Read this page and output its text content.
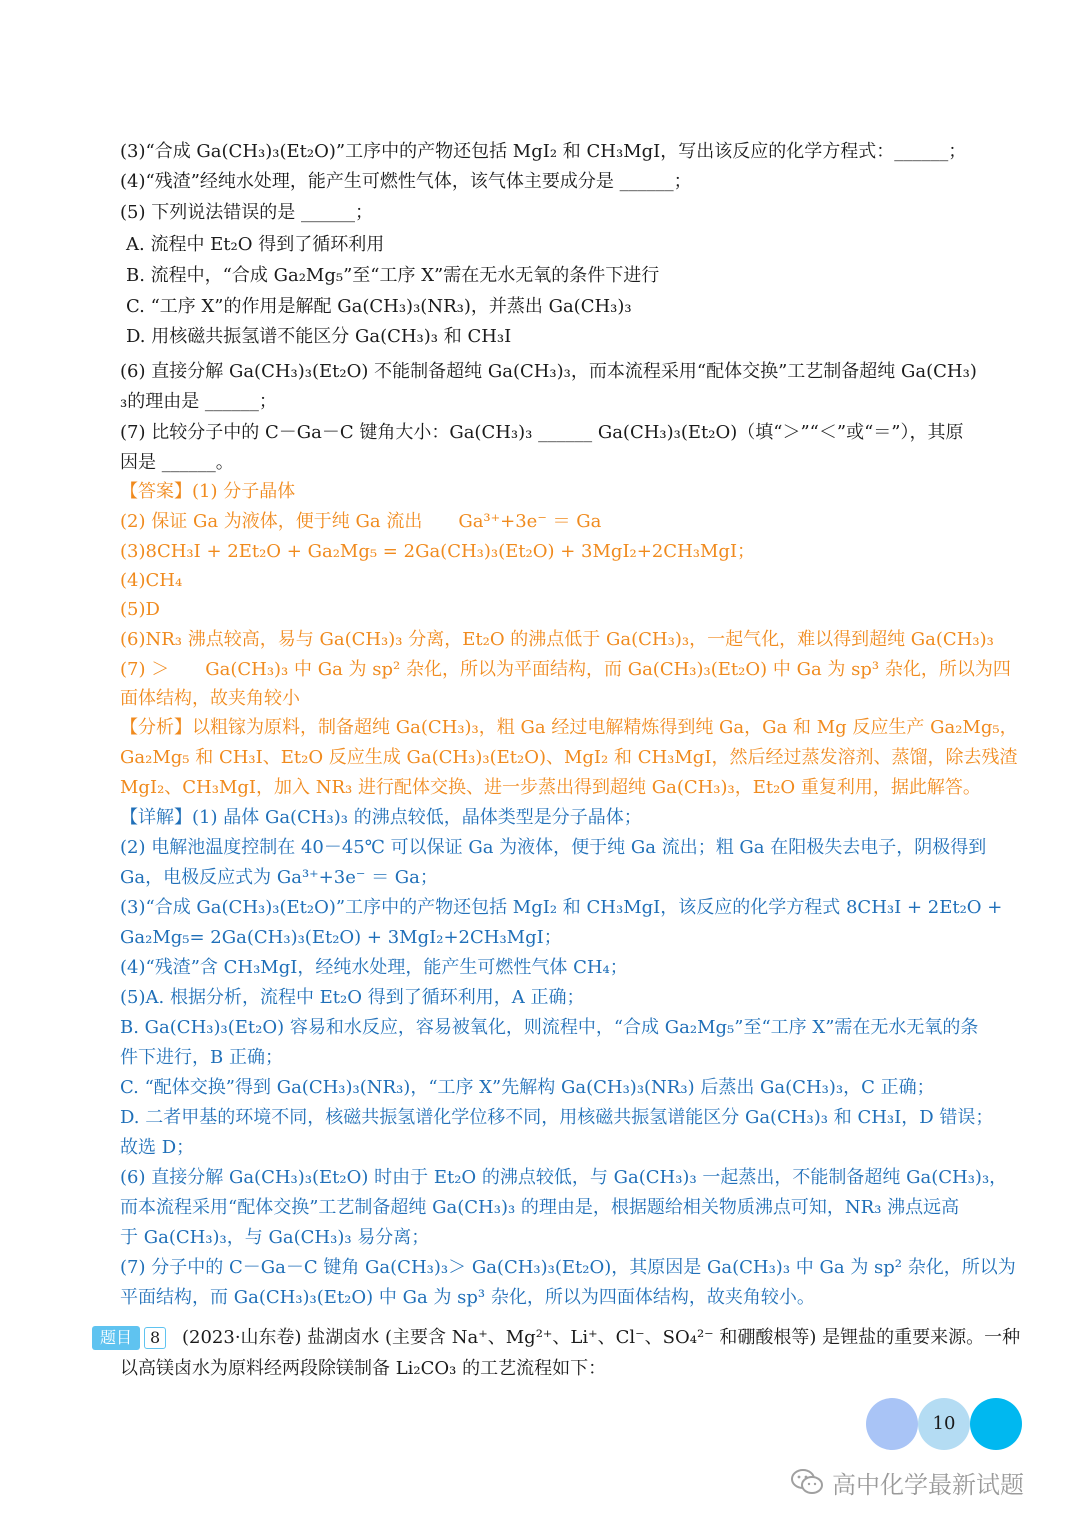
(3)“合成 Ga(CH₃)₃(Et₂O)”工序中的产物还包括 MgI₂ 和 CH₃MgI，写出该反应的化学方程式：______；
(4)“残渣”经纯水处理，能产生可燃性气体，该气体主要成分是 ______；
(5) 下列说法错误的是 ______；
A. 流程中 Et₂O 得到了循环利用
B. 流程中，“合成 Ga₂Mg₅”至“工序 X”需在无水无氧的条件下进行
C. “工序 X”的作用是解配 Ga(CH₃)₃(NR₃)，并蒸出 Ga(CH₃)₃
D. 用核磁共振氢谱不能区分 Ga(CH₃)₃ 和 CH₃I
(6) 直接分解 Ga(CH₃)₃(Et₂O) 不能制备超纯 Ga(CH₃)₃，而本流程采用“配体交换”工艺制备超纯 Ga(CH₃)
₃的理由是 ______；
(7) 比较分子中的 C－Ga－C 键角大小：Ga(CH₃)₃ ______ Ga(CH₃)₃(Et₂O)（填“＞”“＜”或“＝”），其原
因是 ______。
【答案】(1) 分子晶体
(2) 保证 Ga 为液体，便于纯 Ga 流出　　Ga³⁺+3e⁻ ＝ Ga
(3)8CH₃I + 2Et₂O + Ga₂Mg₅ = 2Ga(CH₃)₃(Et₂O) + 3MgI₂+2CH₃MgI；
(4)CH₄
(5)D
(6)NR₃ 沸点较高，易与 Ga(CH₃)₃ 分离，Et₂O 的沸点低于 Ga(CH₃)₃，一起气化，难以得到超纯 Ga(CH₃)₃
(7) ＞　　Ga(CH₃)₃ 中 Ga 为 sp² 杂化，所以为平面结构，而 Ga(CH₃)₃(Et₂O) 中 Ga 为 sp³ 杂化，所以为四
面体结构，故夹角较小
【分析】以粗镓为原料，制备超纯 Ga(CH₃)₃，粗 Ga 经过电解精炼得到纯 Ga，Ga 和 Mg 反应生产 Ga₂Mg₅，
Ga₂Mg₅ 和 CH₃I、Et₂O 反应生成 Ga(CH₃)₃(Et₂O)、MgI₂ 和 CH₃MgI，然后经过蒸发溶剂、蒸馏，除去残渣
MgI₂、CH₃MgI，加入 NR₃ 进行配体交换、进一步蒸出得到超纯 Ga(CH₃)₃，Et₂O 重复利用，据此解答。
【详解】(1) 晶体 Ga(CH₃)₃ 的沸点较低，晶体类型是分子晶体；
(2) 电解池温度控制在 40－45℃ 可以保证 Ga 为液体，便于纯 Ga 流出；粗 Ga 在阳极失去电子，阴极得到
Ga，电极反应式为 Ga³⁺+3e⁻ ＝ Ga；
(3)“合成 Ga(CH₃)₃(Et₂O)”工序中的产物还包括 MgI₂ 和 CH₃MgI，该反应的化学方程式 8CH₃I + 2Et₂O +
Ga₂Mg₅= 2Ga(CH₃)₃(Et₂O) + 3MgI₂+2CH₃MgI；
(4)“残渣”含 CH₃MgI，经纯水处理，能产生可燃性气体 CH₄；
(5)A. 根据分析，流程中 Et₂O 得到了循环利用，A 正确；
B. Ga(CH₃)₃(Et₂O) 容易和水反应，容易被氧化，则流程中，“合成 Ga₂Mg₅”至“工序 X”需在无水无氧的条
件下进行，B 正确；
C. “配体交换”得到 Ga(CH₃)₃(NR₃)，“工序 X”先解构 Ga(CH₃)₃(NR₃) 后蒸出 Ga(CH₃)₃，C 正确；
D. 二者甲基的环境不同，核磁共振氢谱化学位移不同，用核磁共振氢谱能区分 Ga(CH₃)₃ 和 CH₃I，D 错误；
故选 D；
(6) 直接分解 Ga(CH₃)₃(Et₂O) 时由于 Et₂O 的沸点较低，与 Ga(CH₃)₃ 一起蒸出，不能制备超纯 Ga(CH₃)₃，
而本流程采用“配体交换”工艺制备超纯 Ga(CH₃)₃ 的理由是，根据题给相关物质沸点可知，NR₃ 沸点远高
于 Ga(CH₃)₃，与 Ga(CH₃)₃ 易分离；
(7) 分子中的 C－Ga－C 键角 Ga(CH₃)₃＞ Ga(CH₃)₃(Et₂O)，其原因是 Ga(CH₃)₃ 中 Ga 为 sp² 杂化，所以为
平面结构，而 Ga(CH₃)₃(Et₂O) 中 Ga 为 sp³ 杂化，所以为四面体结构，故夹角较小。
题目	8	(2023·山东卷) 盐湖卤水 (主要含 Na⁺、Mg²⁺、Li⁺、Cl⁻、SO₄²⁻ 和硼酸根等) 是锂盐的重要来源。一种
以高镁卤水为原料经两段除镁制备 Li₂CO₃ 的工艺流程如下：
10
高中化学最新试题
